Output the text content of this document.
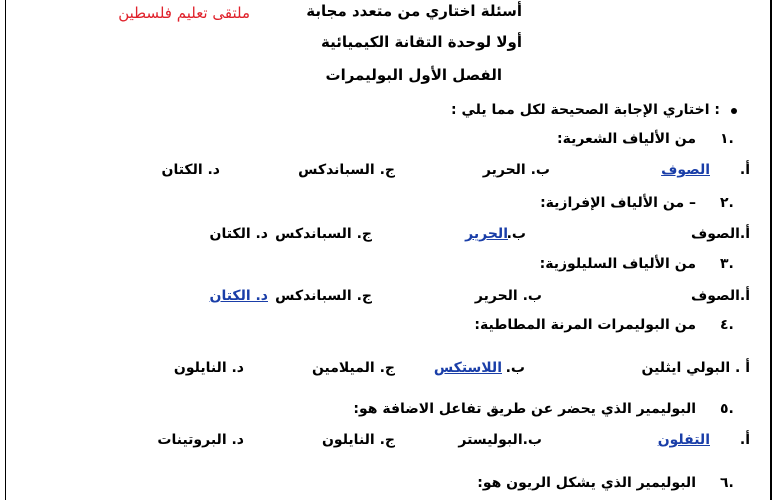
ملتقى تعليم فلسطين	أسئلة اختاري من متعدد مجابة
أولا لوحدة التقانة الكيميائية
الفصل الأول البوليمرات
: اختاري الإجابة الصحيحة لكل مما يلي :
١.
من الألياف الشعرية:
أ.
الصوف
ب. الحرير
ج. السباندكس
د. الكتان
٢.
– من الألياف الإفرازية:
أ.الصوف
ب.
الحرير
ج. السباندكس
د. الكتان
٣.
من الألياف السليلوزية:
أ.الصوف
ب. الحرير
ج. السباندكس
د. الكتان
٤.
من البوليمرات المرنة المطاطية:
أ . البولي ايثلين
ب.
اللاستكس
ج. الميلامين
د. النايلون
٥.
البوليمير الذي يحضر عن طريق تفاعل الاضافة هو:
أ.
التفلون
ب.البوليستر
ج. النايلون
د. البروتينات
٦.
البوليمير الذي يشكل الريون هو:
